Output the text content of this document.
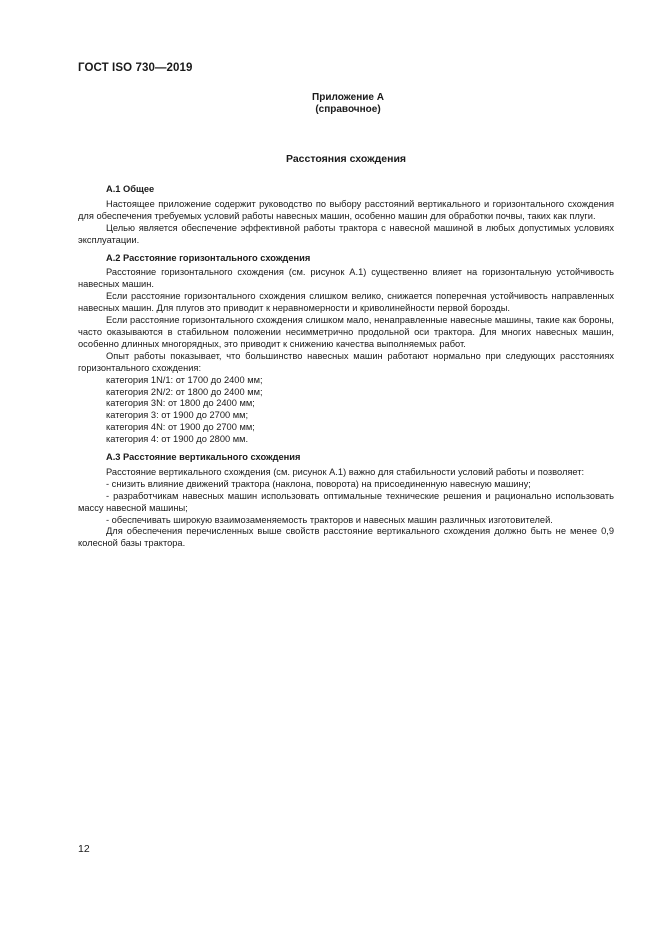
ГОСТ ISO 730—2019
Приложение А
(справочное)
Расстояния схождения

А.1 Общее

Настоящее приложение содержит руководство по выбору расстояний вертикального и горизонтального схождения для обеспечения требуемых условий работы навесных машин, особенно машин для обработки почвы, таких как плуги.

Целью является обеспечение эффективной работы трактора с навесной машиной в любых допустимых условиях эксплуатации.

А.2 Расстояние горизонтального схождения

Расстояние горизонтального схождения (см. рисунок А.1) существенно влияет на горизонтальную устойчивость навесных машин.

Если расстояние горизонтального схождения слишком велико, снижается поперечная устойчивость направленных навесных машин. Для плугов это приводит к неравномерности и криволинейности первой борозды.

Если расстояние горизонтального схождения слишком мало, ненаправленные навесные машины, такие как бороны, часто оказываются в стабильном положении несимметрично продольной оси трактора. Для многих навесных машин, особенно длинных многорядных, это приводит к снижению качества выполняемых работ.

Опыт работы показывает, что большинство навесных машин работают нормально при следующих расстояниях горизонтального схождения:

категория 1N/1: от 1700 до 2400 мм;

категория 2N/2: от 1800 до 2400 мм;

категория 3N: от 1800 до 2400 мм;

категория 3: от 1900 до 2700 мм;

категория 4N: от 1900 до 2700 мм;

категория 4: от 1900 до 2800 мм.

А.3 Расстояние вертикального схождения

Расстояние вертикального схождения (см. рисунок А.1) важно для стабильности условий работы и позволяет:

- снизить влияние движений трактора (наклона, поворота) на присоединенную навесную машину;

- разработчикам навесных машин использовать оптимальные технические решения и рационально использовать массу навесной машины;

- обеспечивать широкую взаимозаменяемость тракторов и навесных машин различных изготовителей.

Для обеспечения перечисленных выше свойств расстояние вертикального схождения должно быть не менее 0,9 колесной базы трактора.

12
